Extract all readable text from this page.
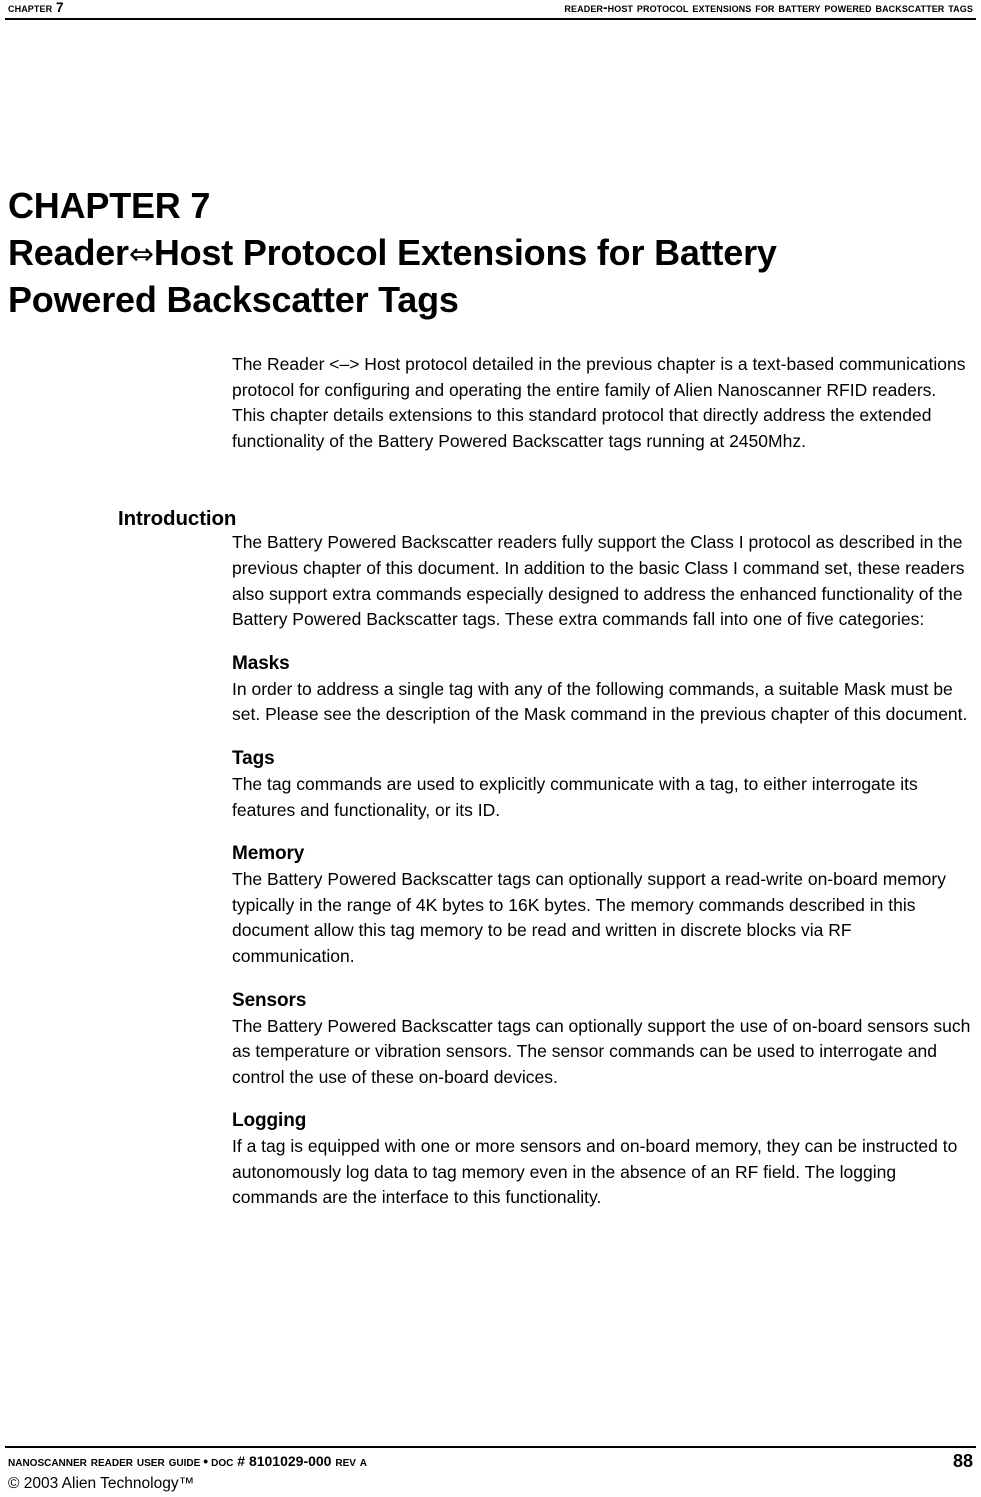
chapter 7	reader-host protocol extensions for battery powered backscatter tags
CHAPTER 7
Reader⇔Host Protocol Extensions for Battery
Powered Backscatter Tags
Introduction

The Reader <–> Host protocol detailed in the previous chapter is a text-based communications protocol for configuring and operating the entire family of Alien Nanoscanner RFID readers. This chapter details extensions to this standard protocol that directly address the extended functionality of the Battery Powered Backscatter tags running at 2450Mhz.

The Battery Powered Backscatter readers fully support the Class I protocol as described in the previous chapter of this document. In addition to the basic Class I command set, these readers also support extra commands especially designed to address the enhanced functionality of the Battery Powered Backscatter tags. These extra commands fall into one of five categories:

Masks

In order to address a single tag with any of the following commands, a suitable Mask must be set. Please see the description of the Mask command in the previous chapter of this document.

Tags

The tag commands are used to explicitly communicate with a tag, to either interrogate its features and functionality, or its ID.

Memory

The Battery Powered Backscatter tags can optionally support a read-write on-board memory typically in the range of 4K bytes to 16K bytes. The memory commands described in this document allow this tag memory to be read and written in discrete blocks via RF communication.

Sensors

The Battery Powered Backscatter tags can optionally support the use of on-board sensors such as temperature or vibration sensors. The sensor commands can be used to interrogate and control the use of these on-board devices.

Logging

If a tag is equipped with one or more sensors and on-board memory, they can be instructed to autonomously log data to tag memory even in the absence of an RF field. The logging commands are the interface to this functionality.

nanoscanner reader user guide • doc # 8101029-000 rev a	88
© 2003 Alien Technology™
